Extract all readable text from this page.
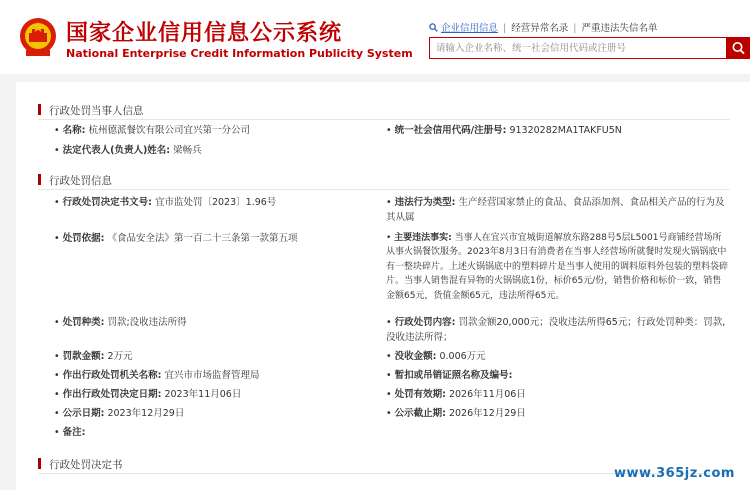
国家企业信用信息公示系统
National Enterprise Credit Information Publicity System
企业信用信息 | 经营异常名录 | 严重违法失信名单
请输入企业名称、统一社会信用代码或注册号
行政处罚当事人信息
• 名称: 杭州德派餐饮有限公司宜兴第一分公司	• 统一社会信用代码/注册号: 91320282MA1TAKFU5N
• 法定代表人(负责人)姓名: 梁畅兵
行政处罚信息
• 行政处罚决定书文号: 宜市监处罚〔2023〕1.96号	• 违法行为类型: 生产经营国家禁止的食品、食品添加剂、食品相关产品的行为及其从属
• 处罚依据: 《食品安全法》第一百二十三条第一款第五项	• 主要违法事实: 当事人在宜兴市宜城街道解放东路288号5层L5001号商铺经营场所从事火锅餐饮服务。2023年8月3日有消费者在当事人经营场所就餐时发现火锅锅底中有一整块碎片。上述火锅锅底中的塑料碎片是当事人使用的调料原料外包装的塑料袋碎片。当事人销售混有异物的火锅锅底1份，标价65元/份，销售价格和标价一致，销售金额65元，货值金额65元，违法所得65元。
• 处罚种类: 罚款;没收违法所得	• 行政处罚内容: 罚款金额20,000元；没收违法所得65元；行政处罚种类：罚款,没收违法所得；
• 罚款金额: 2万元	• 没收金额: 0.006万元
• 作出行政处罚机关名称: 宜兴市市场监督管理局	• 暂扣或吊销证照名称及编号:
• 作出行政处罚决定日期: 2023年11月06日	• 处罚有效期: 2026年11月06日
• 公示日期: 2023年12月29日	• 公示截止期: 2026年12月29日
• 备注:
行政处罚决定书
www.365jz.com
